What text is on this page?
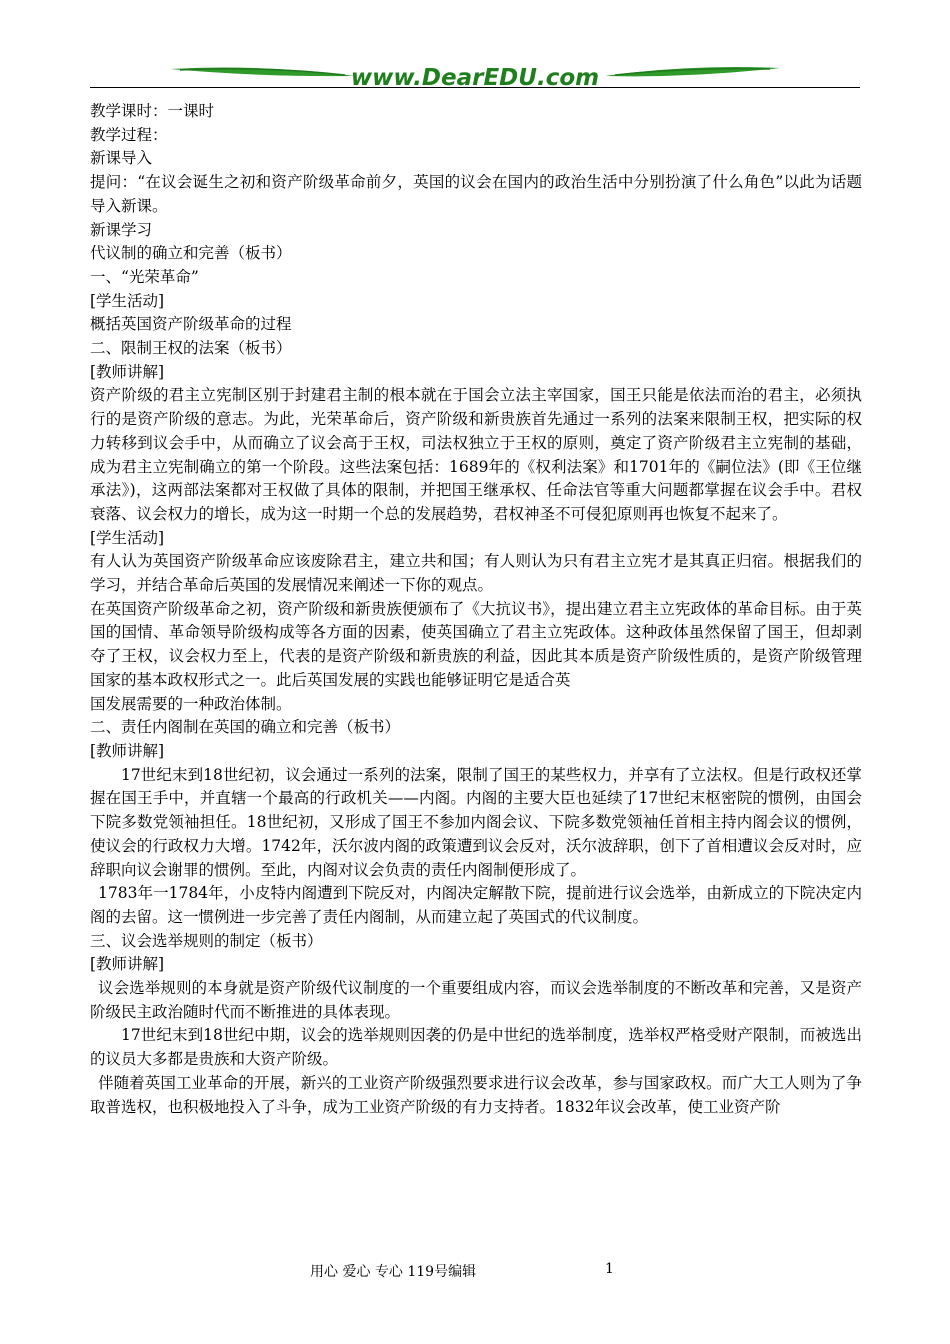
www.DearEDU.com

教学课时：一课时

教学过程：

新课导入

提问：“在议会诞生之初和资产阶级革命前夕，英国的议会在国内的政治生活中分别扮演了什么角色”以此为话题导入新课。

新课学习

代议制的确立和完善（板书）

一、“光荣革命”

[学生活动]

概括英国资产阶级革命的过程

二、限制王权的法案（板书）

[教师讲解]

资产阶级的君主立宪制区别于封建君主制的根本就在于国会立法主宰国家，国王只能是依法而治的君主，必须执行的是资产阶级的意志。为此，光荣革命后，资产阶级和新贵族首先通过一系列的法案来限制王权，把实际的权力转移到议会手中，从而确立了议会高于王权，司法权独立于王权的原则，奠定了资产阶级君主立宪制的基础，成为君主立宪制确立的第一个阶段。这些法案包括：1689年的《权利法案》和1701年的《嗣位法》(即《王位继承法》)，这两部法案都对王权做了具体的限制，并把国王继承权、任命法官等重大问题都掌握在议会手中。君权衰落、议会权力的增长，成为这一时期一个总的发展趋势，君权神圣不可侵犯原则再也恢复不起来了。

[学生活动]

有人认为英国资产阶级革命应该废除君主，建立共和国；有人则认为只有君主立宪才是其真正归宿。根据我们的学习，并结合革命后英国的发展情况来阐述一下你的观点。

在英国资产阶级革命之初，资产阶级和新贵族便颁布了《大抗议书》，提出建立君主立宪政体的革命目标。由于英国的国情、革命领导阶级构成等各方面的因素，使英国确立了君主立宪政体。这种政体虽然保留了国王，但却剥夺了王权，议会权力至上，代表的是资产阶级和新贵族的利益，因此其本质是资产阶级性质的，是资产阶级管理国家的基本政权形式之一。此后英国发展的实践也能够证明它是适合英

国发展需要的一种政治体制。

二、责任内阁制在英国的确立和完善（板书）

[教师讲解]

17世纪末到18世纪初，议会通过一系列的法案，限制了国王的某些权力，并享有了立法权。但是行政权还掌握在国王手中，并直辖一个最高的行政机关——内阁。内阁的主要大臣也延续了17世纪末枢密院的惯例，由国会下院多数党领袖担任。18世纪初，又形成了国王不参加内阁会议、下院多数党领袖任首相主持内阁会议的惯例，使议会的行政权力大增。1742年，沃尔波内阁的政策遭到议会反对，沃尔波辞职，创下了首相遭议会反对时，应辞职向议会谢罪的惯例。至此，内阁对议会负责的责任内阁制便形成了。

1783年一1784年，小皮特内阁遭到下院反对，内阁决定解散下院，提前进行议会选举，由新成立的下院决定内阁的去留。这一惯例进一步完善了责任内阁制，从而建立起了英国式的代议制度。

三、议会选举规则的制定（板书）

[教师讲解]

议会选举规则的本身就是资产阶级代议制度的一个重要组成内容，而议会选举制度的不断改革和完善，又是资产阶级民主政治随时代而不断推进的具体表现。

17世纪末到18世纪中期，议会的选举规则因袭的仍是中世纪的选举制度，选举权严格受财产限制，而被选出的议员大多都是贵族和大资产阶级。

伴随着英国工业革命的开展，新兴的工业资产阶级强烈要求进行议会改革，参与国家政权。而广大工人则为了争取普选权，也积极地投入了斗争，成为工业资产阶级的有力支持者。1832年议会改革，使工业资产阶

用心 爱心 专心 119号编辑	1
